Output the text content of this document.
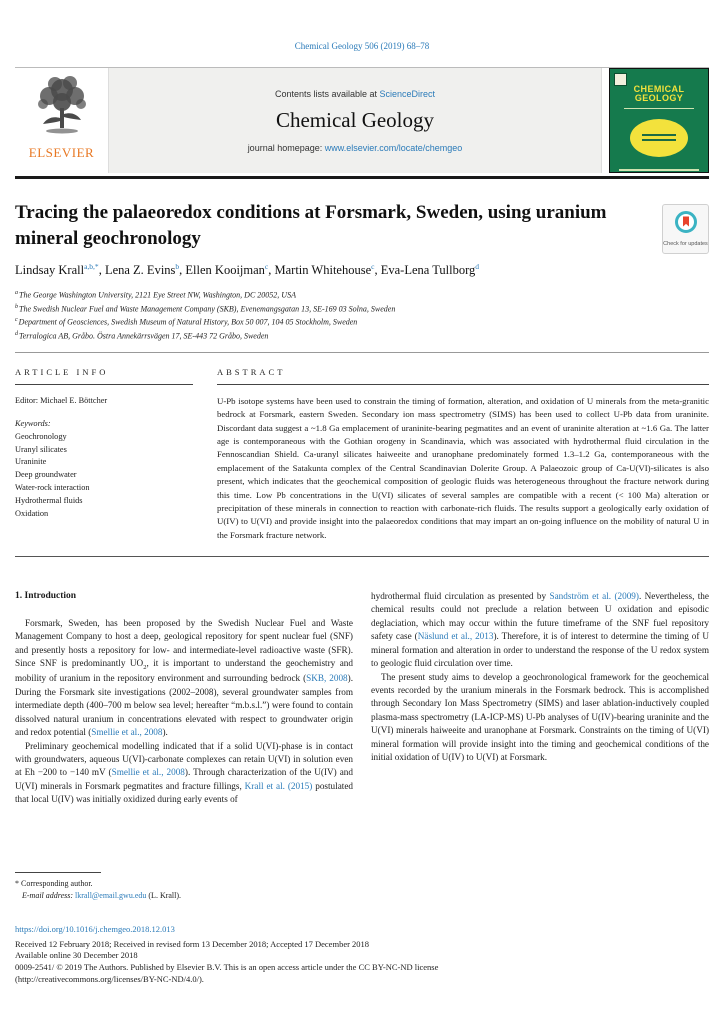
Chemical Geology 506 (2019) 68–78
ELSEVIER
Contents lists available at ScienceDirect
Chemical Geology
journal homepage: www.elsevier.com/locate/chemgeo
CHEMICAL GEOLOGY
Tracing the palaeoredox conditions at Forsmark, Sweden, using uranium mineral geochronology	Check for updates
Lindsay Krall$^{a,b,*}$ , Lena Z. Evins$^b$ , Ellen Kooijman$^c$ , Martin Whitehouse$^c$ , Eva-Lena Tullborg$^d$
$^a$The George Washington University, 2121 Eye Street NW, Washington, DC 20052, USA
$^b$The Swedish Nuclear Fuel and Waste Management Company (SKB), Evenemangsgatan 13, SE-169 03 Solna, Sweden
$^c$Department of Geosciences, Swedish Museum of Natural History, Box 50 007, 104 05 Stockholm, Sweden
$^d$Terralogica AB, Gråbo. Östra Annekärrsvägen 17, SE-443 72 Gråbo, Sweden
ARTICLE INFO
Editor: Michael E. Böttcher
Keywords:
Geochronology
Uranyl silicates
Uraninite
Deep groundwater
Water-rock interaction
Hydrothermal fluids
Oxidation
ABSTRACT
U-Pb isotope systems have been used to constrain the timing of formation, alteration, and oxidation of U minerals from the meta-granitic bedrock at Forsmark, eastern Sweden. Secondary ion mass spectrometry (SIMS) has been used to collect U-Pb data from uraninite. Discordant data suggest a ~1.8 Ga emplacement of uraninite-bearing pegmatites and an event of uraninite alteration at ~1.6 Ga. The latter age is contemporaneous with the Gothian orogeny in Scandinavia, which was associated with hydrothermal fluid circulation in the Fennoscandian Shield. Ca-uranyl silicates haiweeite and uranophane predominately formed 1.3–1.2 Ga, contemporaneous with the emplacement of the Satakunta complex of the Central Scandinavian Dolerite Group. A Palaeozoic group of Ca-U(VI)-silicates is also present, which indicates that the geochemical composition of geologic fluids was heterogeneous throughout the fracture network during this time. Low Pb concentrations in the U(VI) silicates of several samples are compatible with a recent (< 100 Ma) alteration or precipitation of these minerals in connection to reaction with carbonate-rich fluids. The results support a geologically early oxidation of U(IV) to U(VI) and provide insight into the palaeoredox conditions that may impart an on-going influence on the mobility of natural U in the Forsmark fracture network.
1. Introduction

Forsmark, Sweden, has been proposed by the Swedish Nuclear Fuel and Waste Management Company to host a deep, geological repository for spent nuclear fuel (SNF) and presently hosts a repository for low- and intermediate-level radioactive waste (SFR). Since SNF is predominantly $UO_2$, it is important to understand the geochemistry and mobility of uranium in the repository environment and surrounding bedrock (SKB, 2008). During the Forsmark site investigations (2002–2008), several groundwater samples from intermediate depth (400–700 m below sea level; hereafter “m.b.s.l.”) were found to contain dissolved natural uranium in concentrations elevated with respect to groundwater origin and redox potential (Smellie et al., 2008).

Preliminary geochemical modelling indicated that if a solid U(VI)-phase is in contact with groundwaters, aqueous U(VI)-carbonate complexes can retain U(VI) in solution even at Eh −200 to −140 mV (Smellie et al., 2008). Through characterization of the U(IV) and U(VI) minerals in Forsmark pegmatites and fracture fillings, Krall et al. (2015) postulated that local U(IV) was initially oxidized during early events of

hydrothermal fluid circulation as presented by Sandström et al. (2009). Nevertheless, the chemical results could not preclude a relation between U oxidation and episodic deglaciation, which may occur within the future timeframe of the SNF fuel repository safety case (Näslund et al., 2013). Therefore, it is of interest to determine the timing of U mineral formation and alteration in order to understand the response of the U redox system to geologic fluid circulation over time.

The present study aims to develop a geochronological framework for the geochemical events recorded by the uranium minerals in the Forsmark bedrock. This is accomplished through Secondary Ion Mass Spectrometry (SIMS) and laser ablation-inductively coupled plasma-mass spectrometry (LA-ICP-MS) U-Pb analyses of U(IV)-bearing uraninite and the U(VI) minerals haiweeite and uranophane at Forsmark. Constraints on the timing of U(VI) mineral formation will provide insight into the timing and geochemical conditions of the initial oxidation of U(IV) to U(VI) at Forsmark.

* Corresponding author.
E-mail address: lkrall@email.gwu.edu (L. Krall).
https://doi.org/10.1016/j.chemgeo.2018.12.013
Received 12 February 2018; Received in revised form 13 December 2018; Accepted 17 December 2018
Available online 30 December 2018
0009-2541/ © 2019 The Authors. Published by Elsevier B.V. This is an open access article under the CC BY-NC-ND license
(http://creativecommons.org/licenses/BY-NC-ND/4.0/).
